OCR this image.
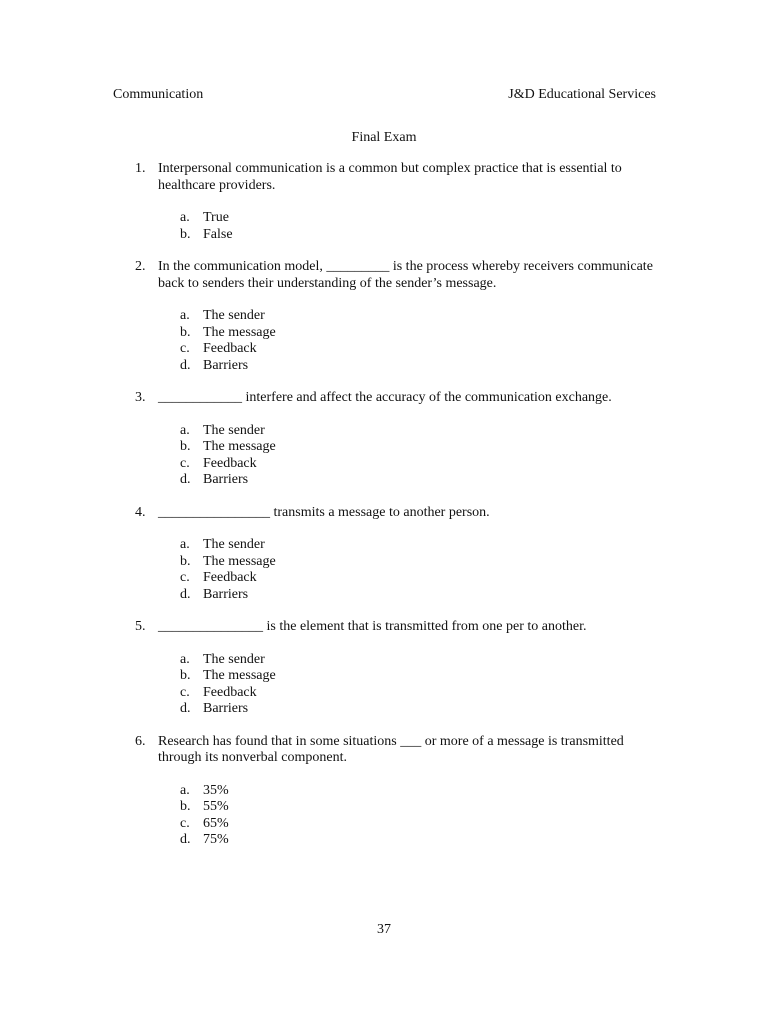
Communication	J&D Educational Services
Final Exam
1. Interpersonal communication is a common but complex practice that is essential to healthcare providers.
a. True
b. False
2. In the communication model, _________ is the process whereby receivers communicate back to senders their understanding of the sender’s message.
a. The sender
b. The message
c. Feedback
d. Barriers
3. ____________ interfere and affect the accuracy of the communication exchange.
a. The sender
b. The message
c. Feedback
d. Barriers
4. ________________ transmits a message to another person.
a. The sender
b. The message
c. Feedback
d. Barriers
5. _______________ is the element that is transmitted from one per to another.
a. The sender
b. The message
c. Feedback
d. Barriers
6. Research has found that in some situations ___ or more of a message is transmitted through its nonverbal component.
a. 35%
b. 55%
c. 65%
d. 75%
37
